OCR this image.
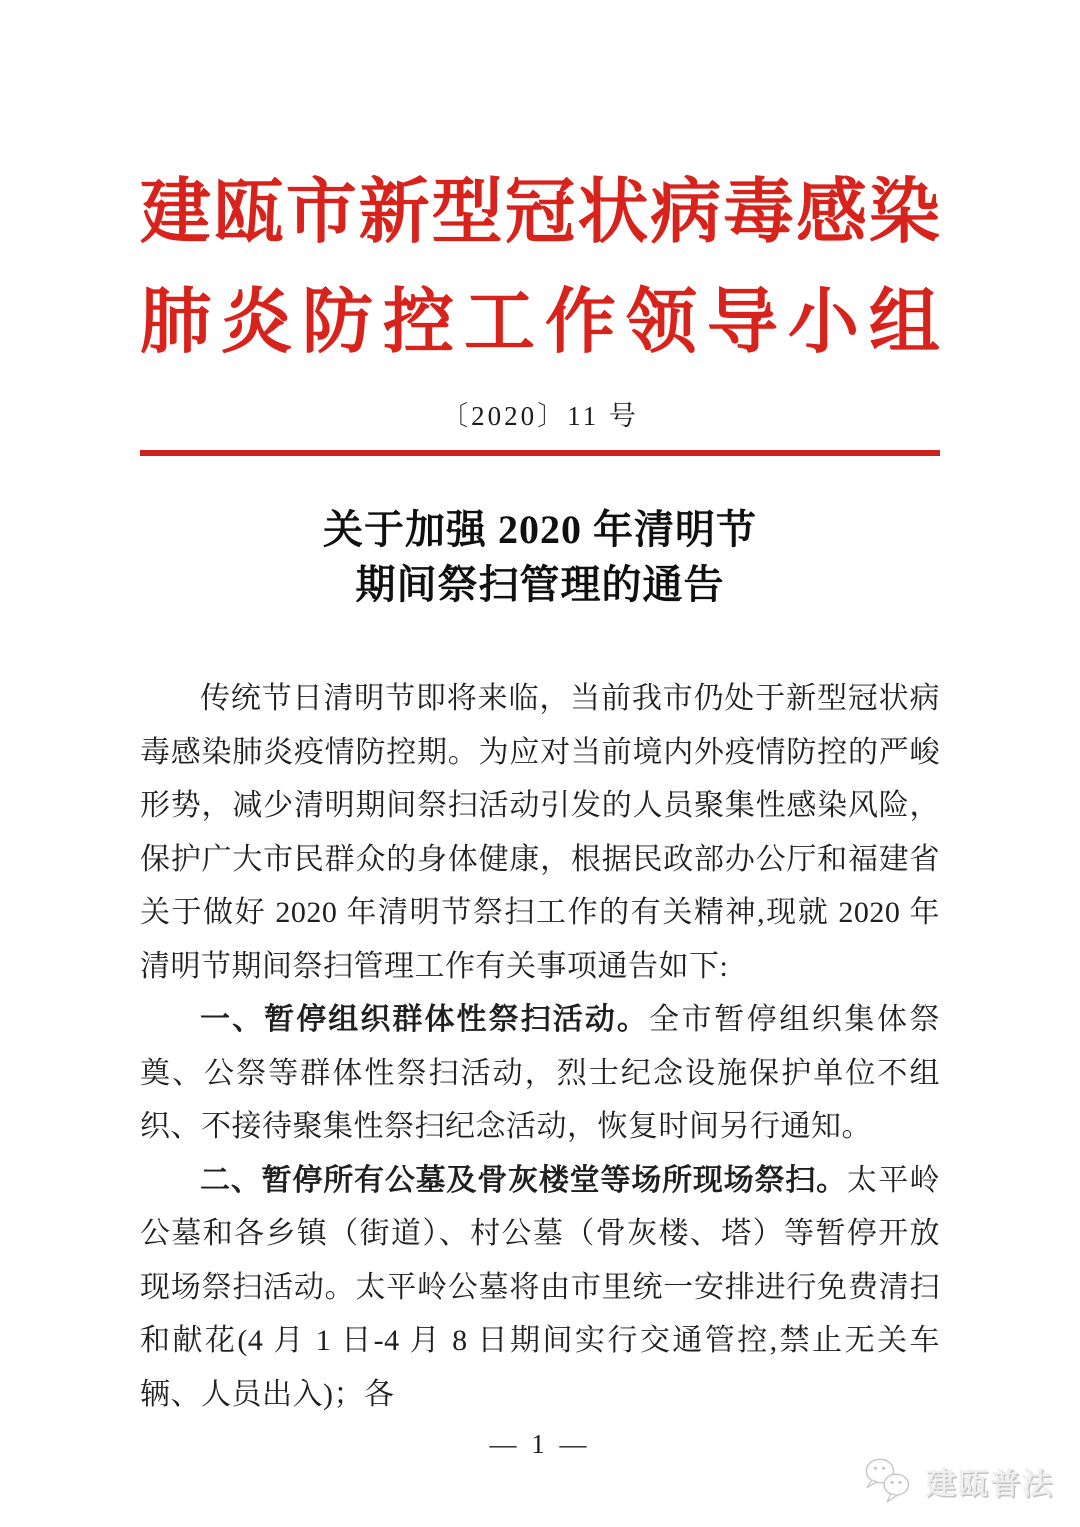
建 瓯 市 新 型 冠 状 病 毒 感 染
肺 炎 防 控 工 作 领 导 小 组
〔2020〕11 号
关于加强 2020 年清明节
期间祭扫管理的通告

传统节日清明节即将来临，当前我市仍处于新型冠状病毒感染肺炎疫情防控期。为应对当前境内外疫情防控的严峻形势，减少清明期间祭扫活动引发的人员聚集性感染风险，保护广大市民群众的身体健康，根据民政部办公厅和福建省关于做好 2020 年清明节祭扫工作的有关精神,现就 2020 年清明节期间祭扫管理工作有关事项通告如下:

一、暂停组织群体性祭扫活动。全市暂停组织集体祭奠、公祭等群体性祭扫活动，烈士纪念设施保护单位不组织、不接待聚集性祭扫纪念活动，恢复时间另行通知。

二、暂停所有公墓及骨灰楼堂等场所现场祭扫。太平岭公墓和各乡镇（街道）、村公墓（骨灰楼、塔）等暂停开放现场祭扫活动。太平岭公墓将由市里统一安排进行免费清扫和献花(4 月 1 日-4 月 8 日期间实行交通管控,禁止无关车辆、人员出入)；各

— 1 —
建瓯普法
